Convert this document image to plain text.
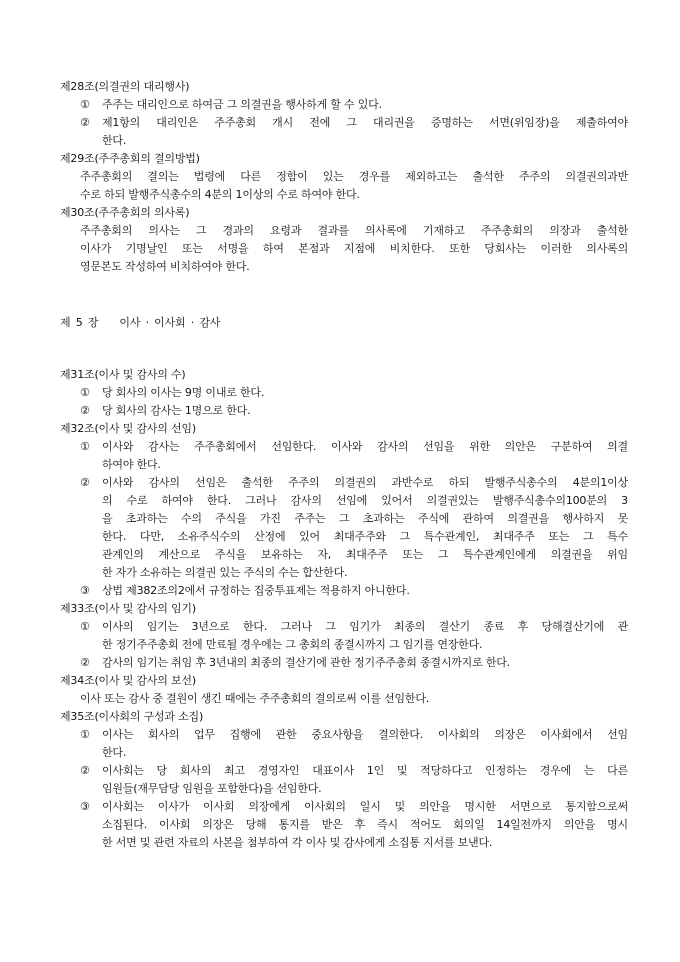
제28조(의결권의 대리행사)
①	주주는 대리인으로 하여금 그 의결권을 행사하게 할 수 있다.
②	제1항의 대리인은 주주총회 개시 전에 그 대리권을 증명하는 서면(위임장)을 제출하여야
한다.
제29조(주주총회의 결의방법)
주주총회의 결의는 법령에 다른 정함이 있는 경우를 제외하고는 출석한 주주의 의결권의과반
수로 하되 발행주식총수의 4분의 1이상의 수로 하여야 한다.
제30조(주주총회의 의사록)
주주총회의 의사는 그 경과의 요령과 결과를 의사록에 기재하고 주주총회의 의장과 출석한
이사가 기명날인 또는 서명을 하여 본점과 지점에 비치한다. 또한 당회사는 이러한 의사록의
영문본도 작성하여 비치하여야 한다.
제 5 장    이사 · 이사회 · 감사
제31조(이사 및 감사의 수)
①	당 회사의 이사는 9명 이내로 한다.
②	당 회사의 감사는 1명으로 한다.
제32조(이사 및 감사의 선임)
①	이사와 감사는 주주총회에서 선임한다. 이사와 감사의 선임을 위한 의안은 구분하여 의결
하여야 한다.
②	이사와 감사의 선임은 출석한 주주의 의결권의 과반수로 하되 발행주식총수의 4분의1이상
의 수로 하여야 한다. 그러나 감사의 선임에 있어서 의결권있는 발행주식총수의100분의 3
을 초과하는 수의 주식을 가진 주주는 그 초과하는 주식에 관하여 의결권을 행사하지 못
한다. 다만, 소유주식수의 산정에 있어 최대주주와 그 특수관계인, 최대주주 또는 그 특수
관계인의 계산으로 주식을 보유하는 자, 최대주주 또는 그 특수관계인에게 의결권을 위임
한 자가 소유하는 의결권 있는 주식의 수는 합산한다.
③	상법 제382조의2에서 규정하는 집중투표제는 적용하지 아니한다.
제33조(이사 및 감사의 임기)
①	이사의 임기는 3년으로 한다. 그러나 그 임기가 최종의 결산기 종료 후 당해결산기에 관
한 정기주주총회 전에 만료될 경우에는 그 총회의 종결시까지 그 임기를 연장한다.
②	감사의 임기는 취임 후 3년내의 최종의 결산기에 관한 정기주주총회 종결시까지로 한다.
제34조(이사 및 감사의 보선)
이사 또는 감사 중 결원이 생긴 때에는 주주총회의 결의로써 이를 선임한다.
제35조(이사회의 구성과 소집)
①	이사는 회사의 업무 집행에 관한 중요사항을 결의한다. 이사회의 의장은 이사회에서 선임
한다.
②	이사회는 당 회사의 최고 경영자인 대표이사 1인 및 적당하다고 인정하는 경우에 는 다른
임원들(재무담당 임원을 포함한다)을 선임한다.
③	이사회는 이사가 이사회 의장에게 이사회의 일시 및 의안을 명시한 서면으로 통지함으로써
소집된다. 이사회 의장은 당해 통지를 받은 후 즉시 적어도 회의일 14일전까지 의안을 명시
한 서면 및 관련 자료의 사본을 첨부하여 각 이사 및 감사에게 소집통 지서를 보낸다.
